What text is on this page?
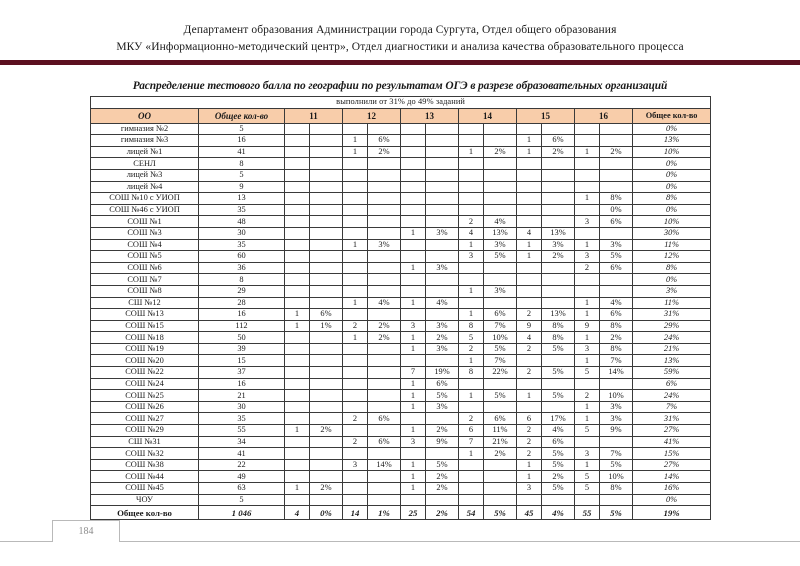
Департамент образования Администрации города Сургута, Отдел общего образования
МКУ «Информационно-методический центр», Отдел диагностики и анализа качества образовательного процесса
Распределение тестового балла по географии по результатам ОГЭ в разрезе образовательных организаций
выполнили от 31% до 49% заданий														
ОО	Общее кол-во	11		12		13		14		15		16		Общее кол-во
гимназия №2	5													0%
гимназия №3	16			1	6%					1	6%			13%
лицей №1	41			1	2%			1	2%	1	2%	1	2%	10%
СЕНЛ	8													0%
лицей №3	5													0%
лицей №4	9													0%
СОШ №10 с УИОП	13											1	8%	8%
СОШ №46 с УИОП	35												0%	0%
СОШ №1	48							2	4%			3	6%	10%
СОШ №3	30					1	3%	4	13%	4	13%			30%
СОШ №4	35			1	3%			1	3%	1	3%	1	3%	11%
СОШ №5	60							3	5%	1	2%	3	5%	12%
СОШ №6	36					1	3%					2	6%	8%
СОШ №7	8													0%
СОШ №8	29							1	3%					3%
СШ №12	28			1	4%	1	4%					1	4%	11%
СОШ №13	16	1	6%					1	6%	2	13%	1	6%	31%
СОШ №15	112	1	1%	2	2%	3	3%	8	7%	9	8%	9	8%	29%
СОШ №18	50			1	2%	1	2%	5	10%	4	8%	1	2%	24%
СОШ №19	39					1	3%	2	5%	2	5%	3	8%	21%
СОШ №20	15							1	7%			1	7%	13%
СОШ №22	37					7	19%	8	22%	2	5%	5	14%	59%
СОШ №24	16					1	6%							6%
СОШ №25	21					1	5%	1	5%	1	5%	2	10%	24%
СОШ №26	30					1	3%					1	3%	7%
СОШ №27	35			2	6%			2	6%	6	17%	1	3%	31%
СОШ №29	55	1	2%			1	2%	6	11%	2	4%	5	9%	27%
СШ №31	34			2	6%	3	9%	7	21%	2	6%			41%
СОШ №32	41							1	2%	2	5%	3	7%	15%
СОШ №38	22			3	14%	1	5%			1	5%	1	5%	27%
СОШ №44	49					1	2%			1	2%	5	10%	14%
СОШ №45	63	1	2%			1	2%			3	5%	5	8%	16%
ЧОУ	5													0%
Общее кол-во	1 046	4	0%	14	1%	25	2%	54	5%	45	4%	55	5%	19%
184
